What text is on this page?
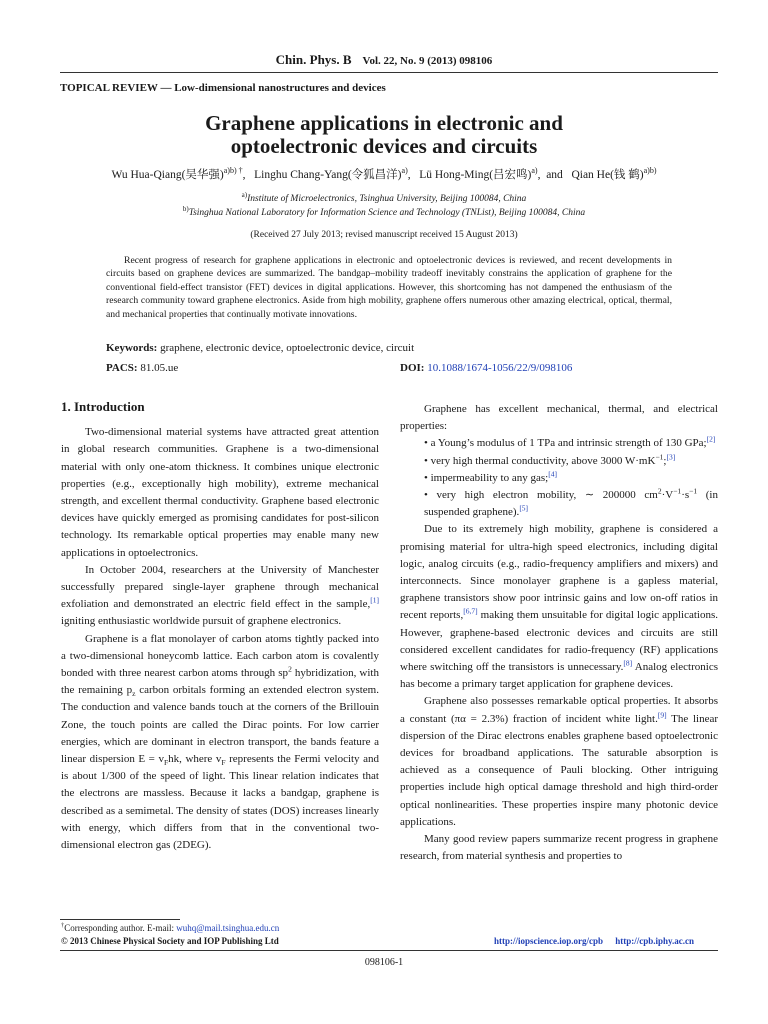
Chin. Phys. B Vol. 22, No. 9 (2013) 098106
TOPICAL REVIEW — Low-dimensional nanostructures and devices
Graphene applications in electronic and
optoelectronic devices and circuits
Wu Hua-Qiang(吴华强)$^{a)b) \dagger}$,   Linghu Chang-Yang(令狐昌洋)$^{a)}$,   Lü Hong-Ming(吕宏鸣)$^{a)}$,  and   Qian He(钱 鹤)$^{a)b)}$
$^{a)}$Institute of Microelectronics, Tsinghua University, Beijing 100084, China
$^{b)}$Tsinghua National Laboratory for Information Science and Technology (TNList), Beijing 100084, China
(Received 27 July 2013; revised manuscript received 15 August 2013)
Recent progress of research for graphene applications in electronic and optoelectronic devices is reviewed, and recent developments in circuits based on graphene devices are summarized. The bandgap–mobility tradeoff inevitably constrains the application of graphene for the conventional field-effect transistor (FET) devices in digital applications. However, this shortcoming has not dampened the enthusiasm of the research community toward graphene electronics. Aside from high mobility, graphene offers numerous other amazing electrical, optical, thermal, and mechanical properties that continually motivate innovations.
Keywords: graphene, electronic device, optoelectronic device, circuit
PACS: 81.05.ue	DOI: 10.1088/1674-1056/22/9/098106
1. Introduction

Two-dimensional material systems have attracted great attention in global research communities. Graphene is a two-dimensional material with only one-atom thickness. It combines unique electronic properties (e.g., exceptionally high mobility), extreme mechanical strength, and excellent thermal conductivity. Graphene based electronic devices have quickly emerged as promising candidates for post-silicon technology. Its remarkable optical properties may enable many new applications in optoelectronics.

In October 2004, researchers at the University of Manchester successfully prepared single-layer graphene through mechanical exfoliation and demonstrated an electric field effect in the sample,[1] igniting enthusiastic worldwide pursuit of graphene electronics.

Graphene is a flat monolayer of carbon atoms tightly packed into a two-dimensional honeycomb lattice. Each carbon atom is covalently bonded with three nearest carbon atoms through $sp^2$ hybridization, with the remaining $p_z$ carbon orbitals forming an extended electron system. The conduction and valence bands touch at the corners of the Brillouin Zone, the touch points are called the Dirac points. For low carrier energies, which are dominant in electron transport, the bands feature a linear dispersion $E = v_Fhk$, where $v_F$ represents the Fermi velocity and is about 1/300 of the speed of light. This linear relation indicates that the electrons are massless. Because it lacks a bandgap, graphene is described as a semimetal. The density of states (DOS) increases linearly with energy, which differs from that in the conventional two-dimensional electron gas (2DEG).

Graphene has excellent mechanical, thermal, and electrical properties:

• a Young’s modulus of 1 TPa and intrinsic strength of 130 GPa;[2]

• very high thermal conductivity, above 3000 $W\cdot mK^{-1};[3]$

• impermeability to any gas;[4]

• very high electron mobility, ∼ 200000 $cm^2\cdot V^{-1}\cdot s^{-1}$ (in suspended graphene).[5]

Due to its extremely high mobility, graphene is considered a promising material for ultra-high speed electronics, including digital logic, analog circuits (e.g., radio-frequency amplifiers and mixers) and interconnects. Since monolayer graphene is a gapless material, graphene transistors show poor intrinsic gains and low on-off ratios in recent reports,[6,7] making them unsuitable for digital logic applications. However, graphene-based electronic devices and circuits are still considered excellent candidates for radio-frequency (RF) applications where switching off the transistors is unnecessary.[8] Analog electronics has become a primary target application for graphene devices.

Graphene also possesses remarkable optical properties. It absorbs a constant (πα = 2.3%) fraction of incident white light.[9] The linear dispersion of the Dirac electrons enables graphene based optoelectronic devices for broadband applications. The saturable absorption is achieved as a consequence of Pauli blocking. Other intriguing properties include high optical damage threshold and high third-order optical nonlinearities. These properties inspire many photonic device applications.

Many good review papers summarize recent progress in graphene research, from material synthesis and properties to

†Corresponding author. E-mail: wuhq@mail.tsinghua.edu.cn
© 2013 Chinese Physical Society and IOP Publishing Ltd	http://iopscience.iop.org/cpb http://cpb.iphy.ac.cn
098106-1
